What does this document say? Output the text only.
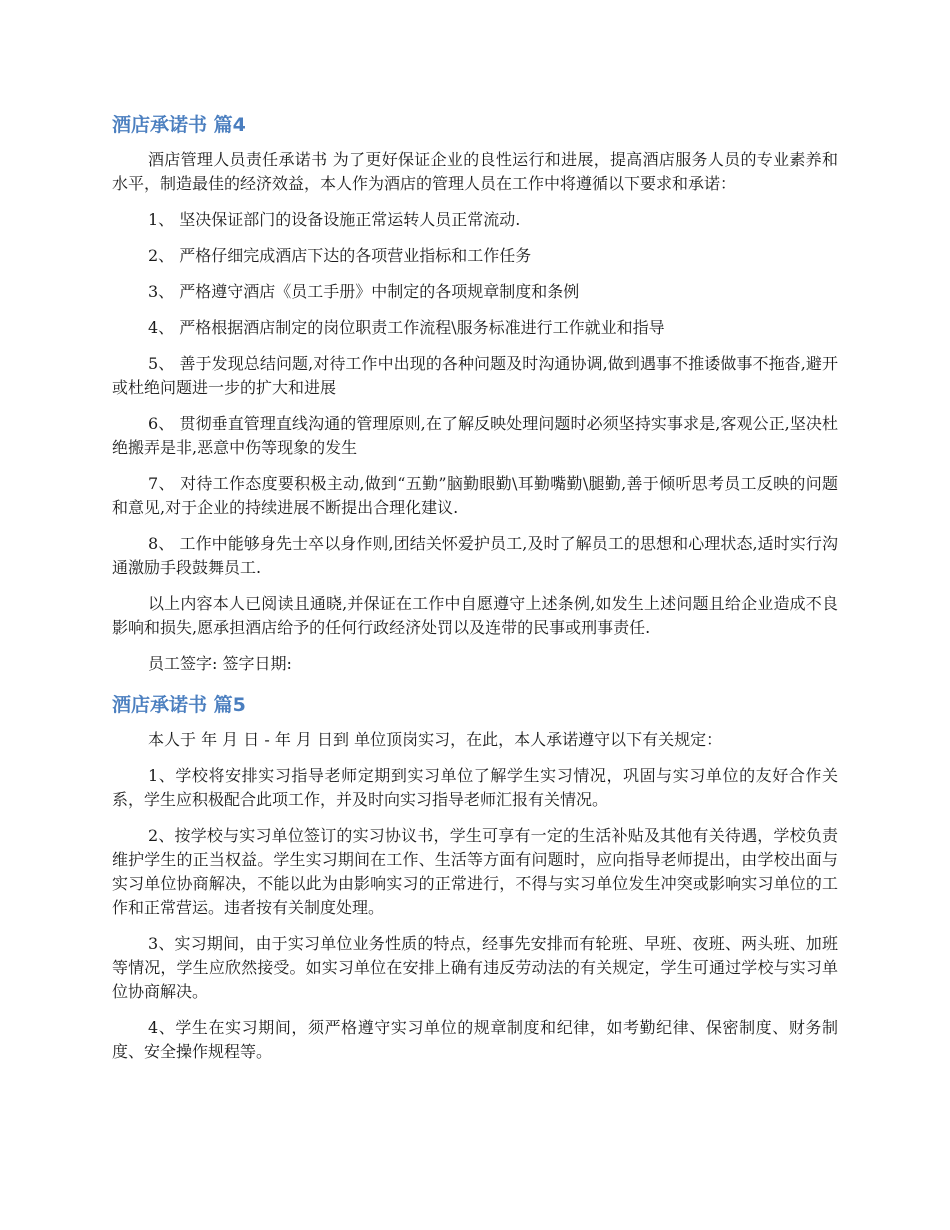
酒店承诺书 篇4

酒店管理人员责任承诺书 为了更好保证企业的良性运行和进展，提高酒店服务人员的专业素养和水平，制造最佳的经济效益，本人作为酒店的管理人员在工作中将遵循以下要求和承诺：

1、 坚决保证部门的设备设施正常运转人员正常流动.

2、 严格仔细完成酒店下达的各项营业指标和工作任务

3、 严格遵守酒店《员工手册》中制定的各项规章制度和条例

4、 严格根据酒店制定的岗位职责工作流程\服务标准进行工作就业和指导

5、 善于发现总结问题,对待工作中出现的各种问题及时沟通协调,做到遇事不推诿做事不拖沓,避开或杜绝问题进一步的扩大和进展

6、 贯彻垂直管理直线沟通的管理原则,在了解反映处理问题时必须坚持实事求是,客观公正,坚决杜绝搬弄是非,恶意中伤等现象的发生

7、 对待工作态度要积极主动,做到“五勤”脑勤眼勤\耳勤嘴勤\腿勤,善于倾听思考员工反映的问题和意见,对于企业的持续进展不断提出合理化建议.

8、 工作中能够身先士卒以身作则,团结关怀爱护员工,及时了解员工的思想和心理状态,适时实行沟通激励手段鼓舞员工.

以上内容本人已阅读且通晓,并保证在工作中自愿遵守上述条例,如发生上述问题且给企业造成不良影响和损失,愿承担酒店给予的任何行政经济处罚以及连带的民事或刑事责任.

员工签字: 签字日期:

酒店承诺书 篇5

本人于 年 月 日 - 年 月 日到 单位顶岗实习，在此，本人承诺遵守以下有关规定：

1、学校将安排实习指导老师定期到实习单位了解学生实习情况，巩固与实习单位的友好合作关系，学生应积极配合此项工作，并及时向实习指导老师汇报有关情况。

2、按学校与实习单位签订的实习协议书，学生可享有一定的生活补贴及其他有关待遇，学校负责维护学生的正当权益。学生实习期间在工作、生活等方面有问题时，应向指导老师提出，由学校出面与实习单位协商解决，不能以此为由影响实习的正常进行，不得与实习单位发生冲突或影响实习单位的工作和正常营运。违者按有关制度处理。

3、实习期间，由于实习单位业务性质的特点，经事先安排而有轮班、早班、夜班、两头班、加班等情况，学生应欣然接受。如实习单位在安排上确有违反劳动法的有关规定，学生可通过学校与实习单位协商解决。

4、学生在实习期间，须严格遵守实习单位的规章制度和纪律，如考勤纪律、保密制度、财务制度、安全操作规程等。
